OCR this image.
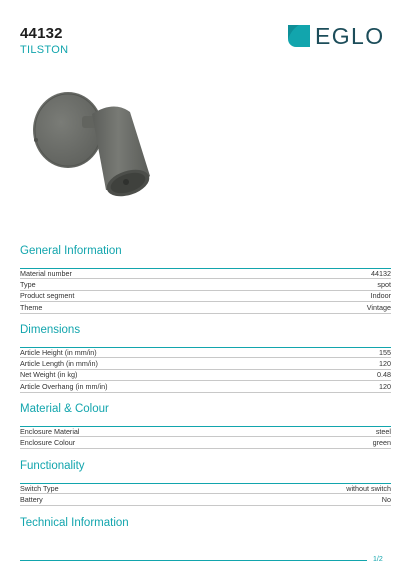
44132
TILSTON
EGLO
General Information
Material number	44132
Type	spot
Product segment	Indoor
Theme	Vintage
Dimensions
Article Height (in mm/in)	155
Article Length (in mm/in)	120
Net Weight (in kg)	0.48
Article Overhang (in mm/in)	120
Material & Colour
Enclosure Material	steel
Enclosure Colour	green
Functionality
Switch Type	without switch
Battery	No
Technical Information
1/2
